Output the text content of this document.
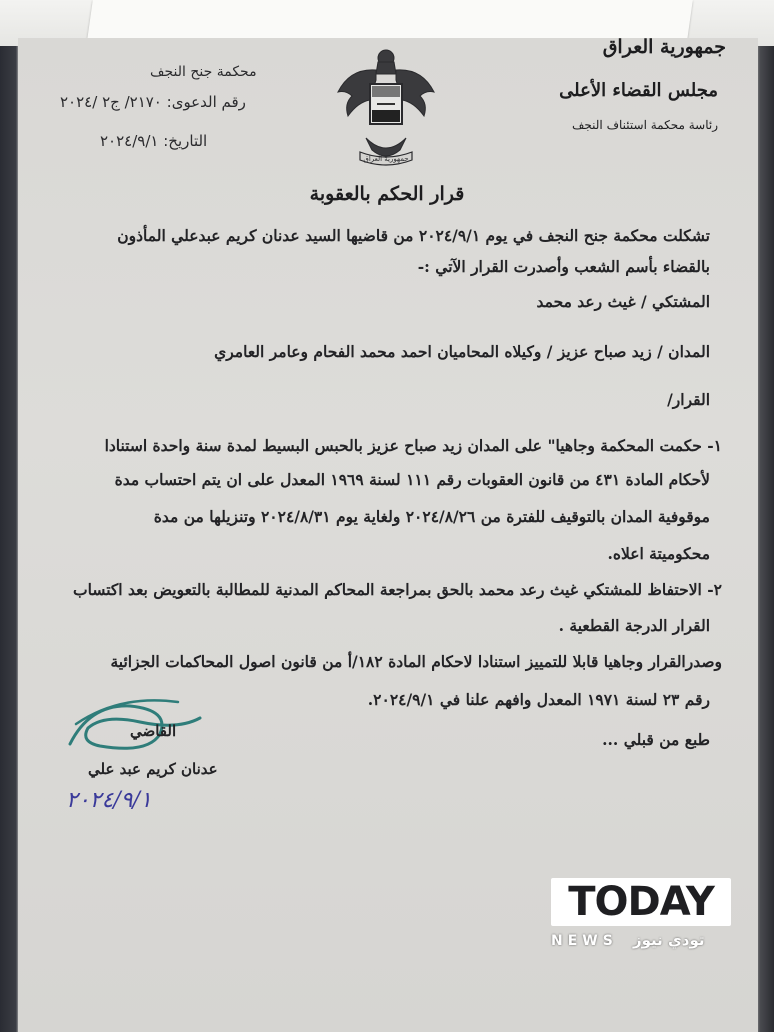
جمهورية العراق
مجلس القضاء الأعلى
رئاسة محكمة استئناف النجف
محكمة جنح النجف
رقم الدعوى: ٢١٧٠/ ج٢ /٢٠٢٤
التاريخ: ٢٠٢٤/٩/١
جمهورية العراق
قرار الحكم بالعقوبة
تشكلت محكمة جنح النجف في يوم ٢٠٢٤/٩/١ من قاضيها السيد عدنان كريم عبدعلي المأذون
بالقضاء بأسم الشعب وأصدرت القرار الآتي :-
المشتكي / غيث رعد محمد
المدان / زيد صباح عزيز / وكيلاه المحاميان احمد محمد الفحام وعامر العامري
القرار/
١- حكمت المحكمة وجاهيا" على المدان زيد صباح عزيز بالحبس البسيط لمدة سنة واحدة استنادا
لأحكام المادة ٤٣١ من قانون العقوبات رقم ١١١ لسنة ١٩٦٩ المعدل على ان يتم احتساب مدة
موقوفية المدان بالتوقيف للفترة من ٢٠٢٤/٨/٢٦ ولغاية يوم ٢٠٢٤/٨/٣١ وتنزيلها من مدة
محكوميتة اعلاه.
٢- الاحتفاظ للمشتكي غيث رعد محمد بالحق بمراجعة المحاكم المدنية للمطالبة بالتعويض بعد اكتساب
القرار الدرجة القطعية .
وصدرالقرار وجاهيا قابلا للتمييز استنادا لاحكام المادة ١٨٢/أ من قانون اصول المحاكمات الجزائية
رقم ٢٣ لسنة ١٩٧١ المعدل وافهم علنا في ٢٠٢٤/٩/١.
طبع من قبلي ...
القاضي
عدنان كريم عبد علي
٢٠٢٤/٩/١
TODAY
NEWS تودي نيوز
